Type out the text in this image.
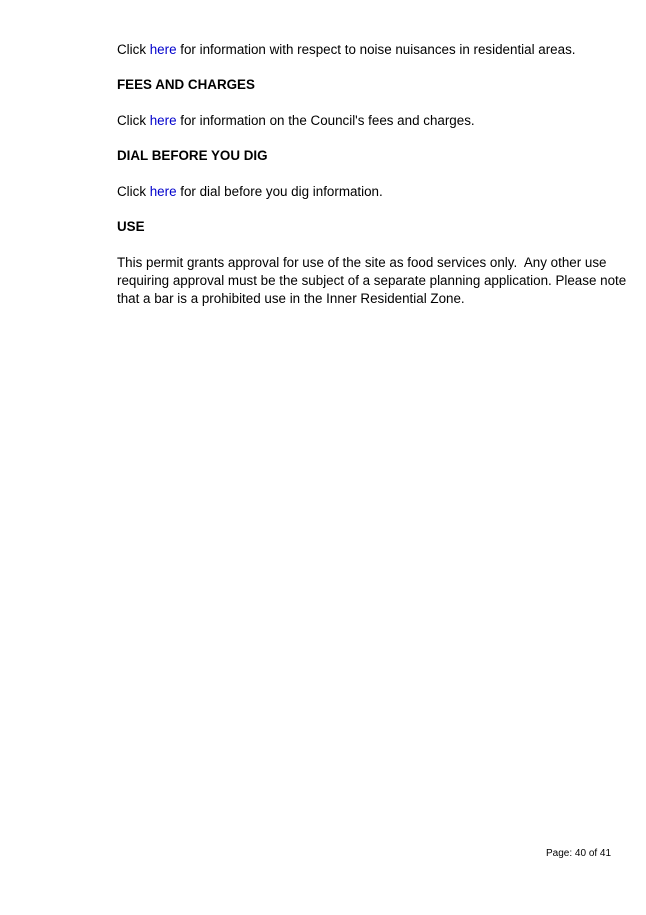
Click here for information with respect to noise nuisances in residential areas.

FEES AND CHARGES

Click here for information on the Council's fees and charges.

DIAL BEFORE YOU DIG

Click here for dial before you dig information.

USE

This permit grants approval for use of the site as food services only.  Any other use
requiring approval must be the subject of a separate planning application. Please note
that a bar is a prohibited use in the Inner Residential Zone.

Page: 40 of 41
